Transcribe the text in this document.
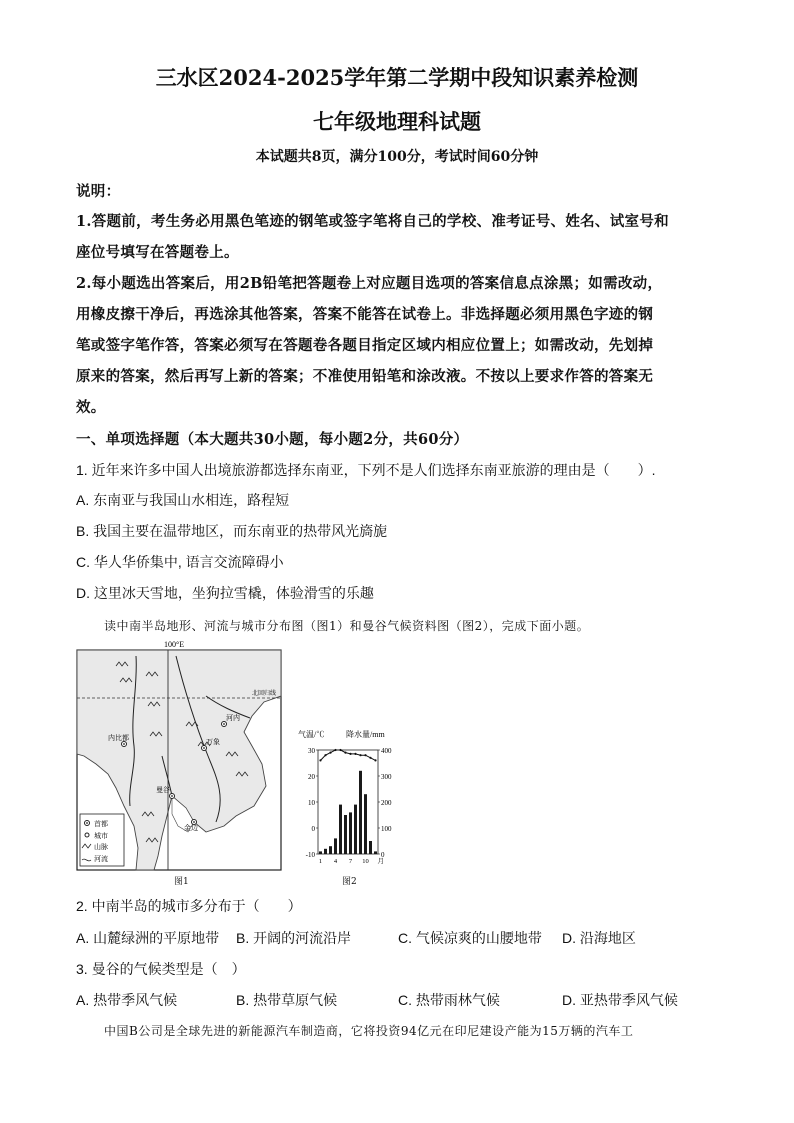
三水区2024-2025学年第二学期中段知识素养检测
七年级地理科试题
本试题共8页，满分100分，考试时间60分钟
说明：
1.答题前，考生务必用黑色笔迹的钢笔或签字笔将自己的学校、准考证号、姓名、试室号和
座位号填写在答题卷上。
2.每小题选出答案后，用2B铅笔把答题卷上对应题目选项的答案信息点涂黑；如需改动，
用橡皮擦干净后，再选涂其他答案，答案不能答在试卷上。非选择题必须用黑色字迹的钢
笔或签字笔作答，答案必须写在答题卷各题目指定区域内相应位置上；如需改动，先划掉
原来的答案，然后再写上新的答案；不准使用铅笔和涂改液。不按以上要求作答的答案无
效。
一、单项选择题（本大题共30小题，每小题2分，共60分）
1. 近年来许多中国人出境旅游都选择东南亚，下列不是人们选择东南亚旅游的理由是（　　）.
A. 东南亚与我国山水相连，路程短
B. 我国主要在温带地区，而东南亚的热带风光旖旎
C. 华人华侨集中, 语言交流障碍小
D. 这里冰天雪地，坐狗拉雪橇，体验滑雪的乐趣
读中南半岛地形、河流与城市分布图（图1）和曼谷气候资料图（图2），完成下面小题。
100°E
北回归线
河内
万象
内比都
曼谷
金边
首都
城市
山脉
河流
图1
气温/℃	降水量/mm
30
20
10
0
-10
400
300
200
100
0
1 4 7 10 月
图2
2. 中南半岛的城市多分布于（　　）
A. 山麓绿洲的平原地带 B. 开阔的河流沿岸	C. 气候凉爽的山腰地带 D. 沿海地区
3. 曼谷的气候类型是（　）
A. 热带季风气候	B. 热带草原气候	C. 热带雨林气候	D. 亚热带季风气候
中国B公司是全球先进的新能源汽车制造商，它将投资94亿元在印尼建设产能为15万辆的汽车工
